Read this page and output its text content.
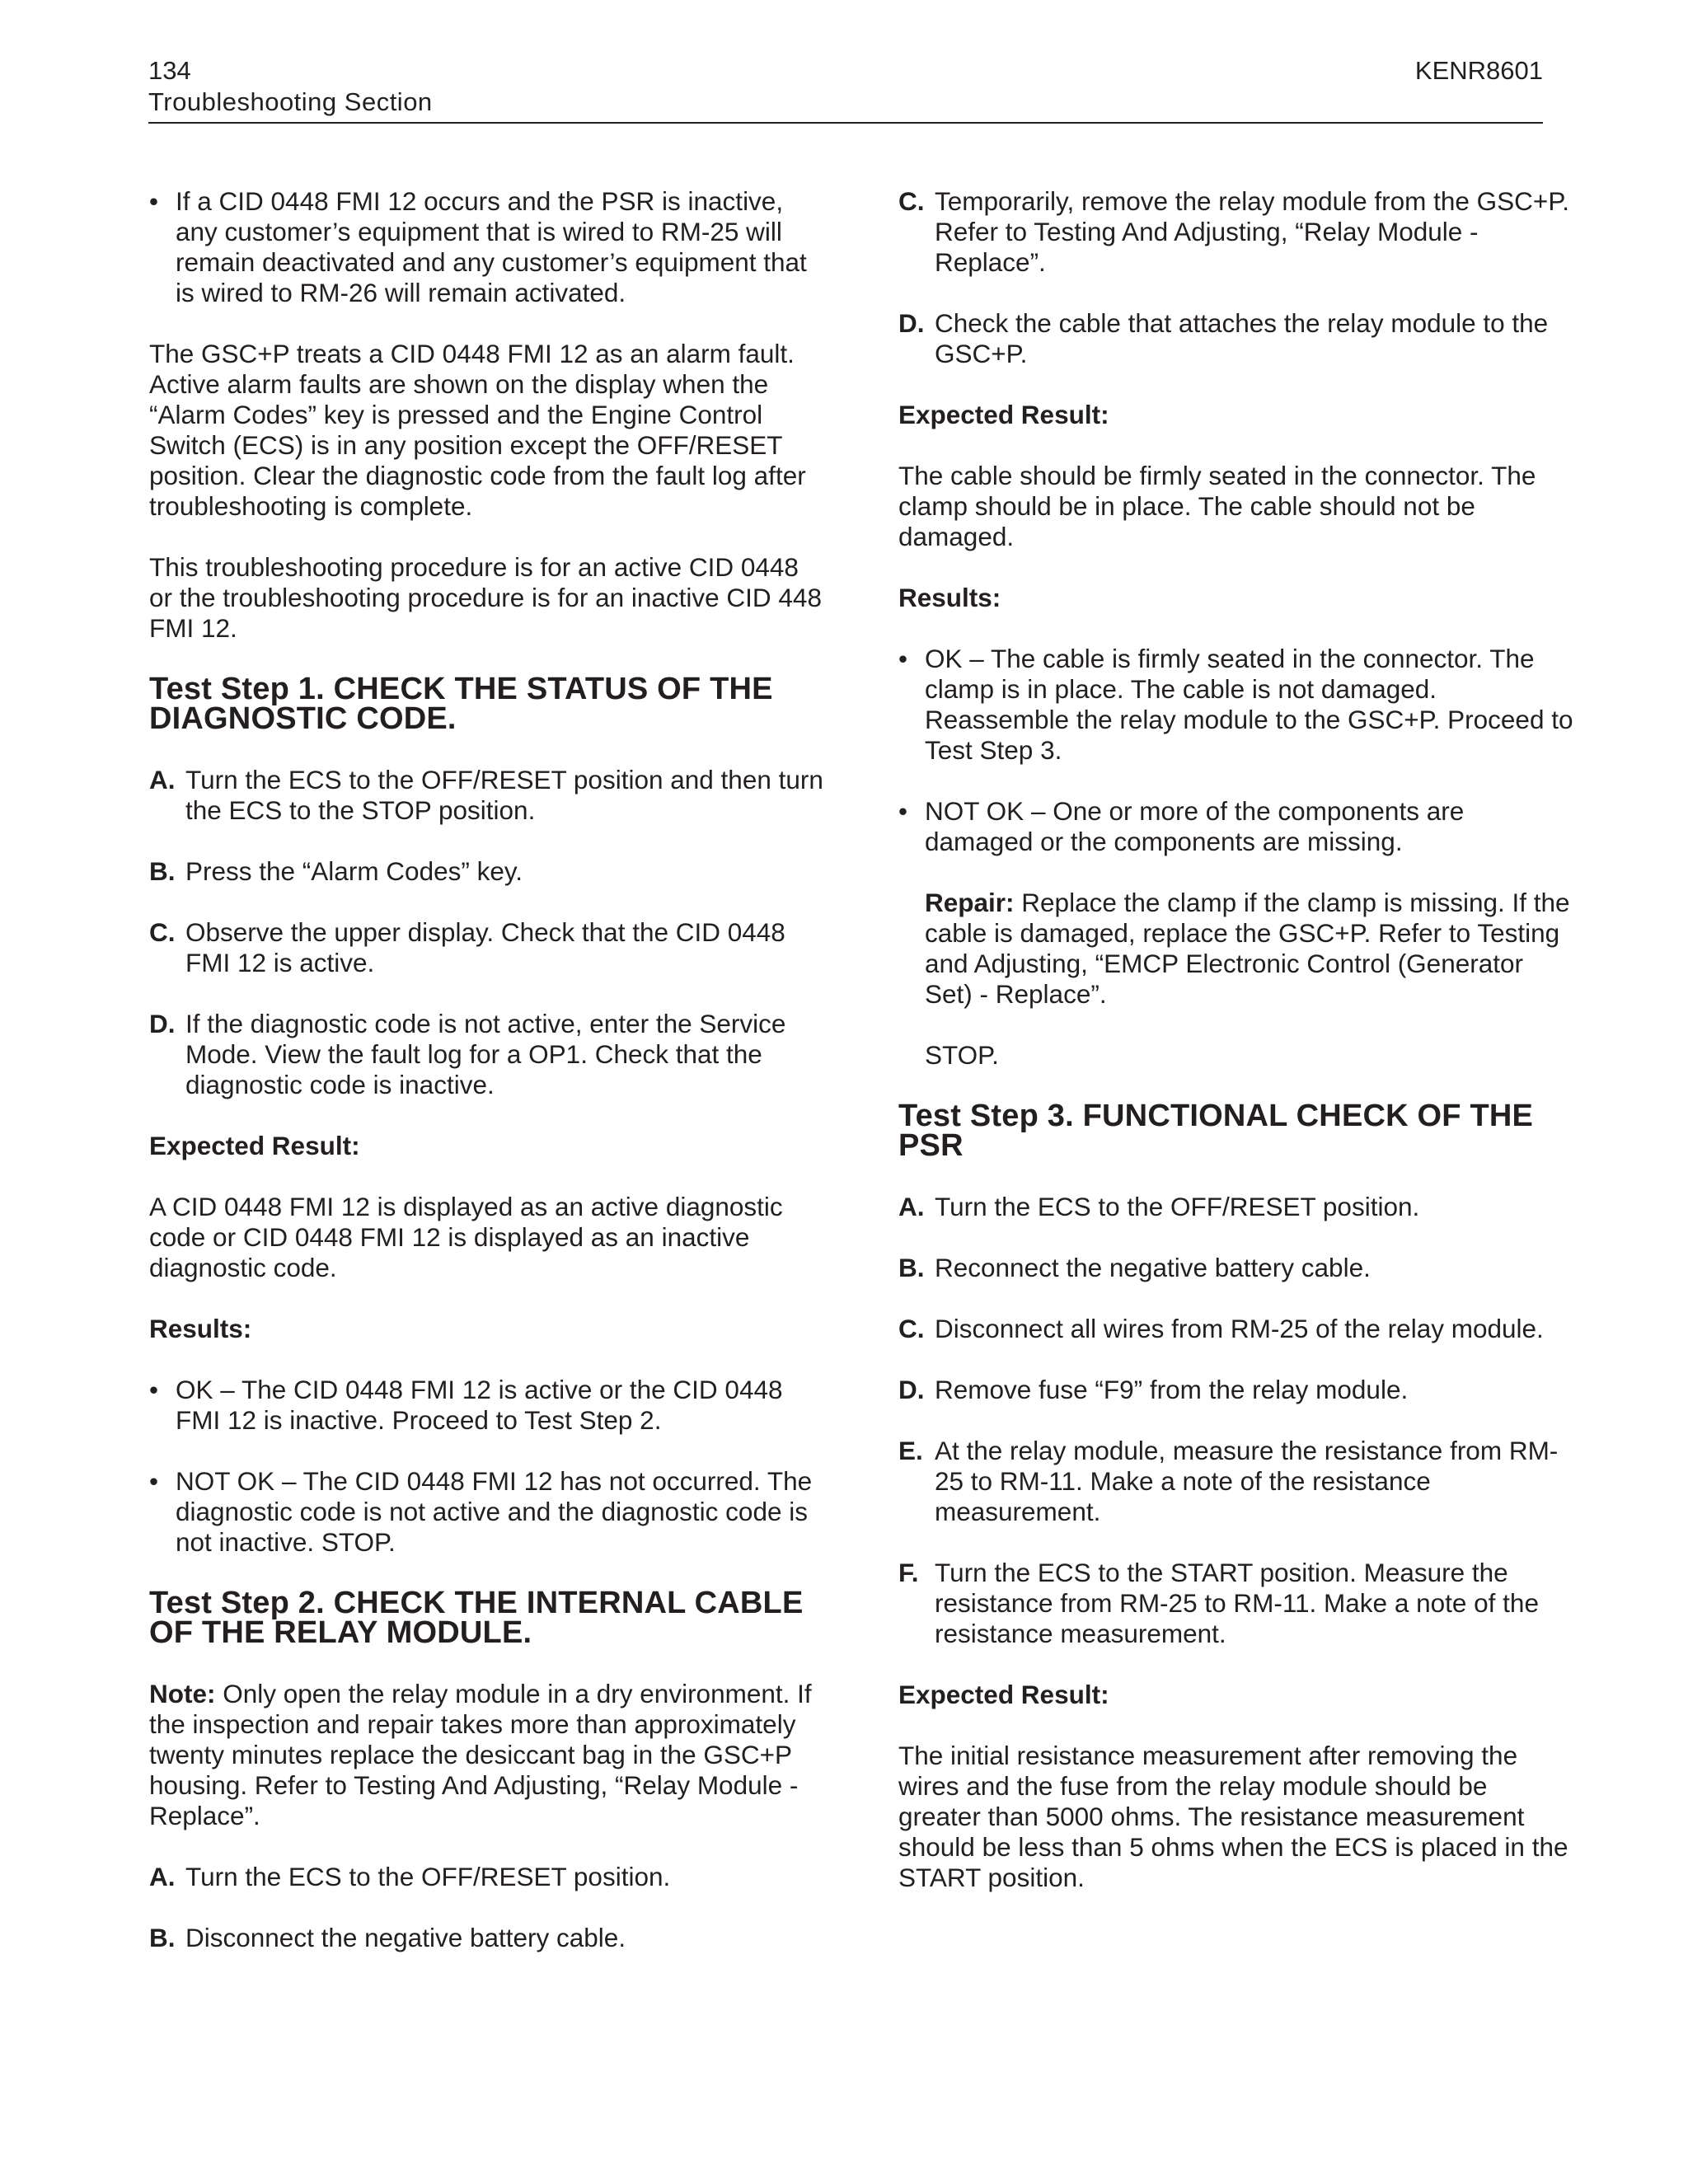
134
Troubleshooting Section
KENR8601
• If a CID 0448 FMI 12 occurs and the PSR is inactive, any customer’s equipment that is wired to RM-25 will remain deactivated and any customer’s equipment that is wired to RM-26 will remain activated.

The GSC+P treats a CID 0448 FMI 12 as an alarm fault. Active alarm faults are shown on the display when the “Alarm Codes” key is pressed and the Engine Control Switch (ECS) is in any position except the OFF/RESET position. Clear the diagnostic code from the fault log after troubleshooting is complete.

This troubleshooting procedure is for an active CID 0448 or the troubleshooting procedure is for an inactive CID 448 FMI 12.

Test Step 1. CHECK THE STATUS OF THE DIAGNOSTIC CODE.
A. Turn the ECS to the OFF/RESET position and then turn the ECS to the STOP position.
B. Press the “Alarm Codes” key.
C. Observe the upper display. Check that the CID 0448 FMI 12 is active.
D. If the diagnostic code is not active, enter the Service Mode. View the fault log for a OP1. Check that the diagnostic code is inactive.
Expected Result:

A CID 0448 FMI 12 is displayed as an active diagnostic code or CID 0448 FMI 12 is displayed as an inactive diagnostic code.

Results:
• OK – The CID 0448 FMI 12 is active or the CID 0448 FMI 12 is inactive. Proceed to Test Step 2.
• NOT OK – The CID 0448 FMI 12 has not occurred. The diagnostic code is not active and the diagnostic code is not inactive. STOP.
Test Step 2. CHECK THE INTERNAL CABLE OF THE RELAY MODULE.

Note: Only open the relay module in a dry environment. If the inspection and repair takes more than approximately twenty minutes replace the desiccant bag in the GSC+P housing. Refer to Testing And Adjusting, “Relay Module - Replace”.

A. Turn the ECS to the OFF/RESET position.
B. Disconnect the negative battery cable.
C. Temporarily, remove the relay module from the GSC+P. Refer to Testing And Adjusting, “Relay Module - Replace”.
D. Check the cable that attaches the relay module to the GSC+P.
Expected Result:

The cable should be firmly seated in the connector. The clamp should be in place. The cable should not be damaged.

Results:
• OK – The cable is firmly seated in the connector. The clamp is in place. The cable is not damaged. Reassemble the relay module to the GSC+P. Proceed to Test Step 3.
• NOT OK – One or more of the components are damaged or the components are missing.
Repair: Replace the clamp if the clamp is missing. If the cable is damaged, replace the GSC+P. Refer to Testing and Adjusting, “EMCP Electronic Control (Generator Set) - Replace”.
STOP.
Test Step 3. FUNCTIONAL CHECK OF THE PSR
A. Turn the ECS to the OFF/RESET position.
B. Reconnect the negative battery cable.
C. Disconnect all wires from RM-25 of the relay module.
D. Remove fuse “F9” from the relay module.
E. At the relay module, measure the resistance from RM-25 to RM-11. Make a note of the resistance measurement.
F. Turn the ECS to the START position. Measure the resistance from RM-25 to RM-11. Make a note of the resistance measurement.
Expected Result:

The initial resistance measurement after removing the wires and the fuse from the relay module should be greater than 5000 ohms. The resistance measurement should be less than 5 ohms when the ECS is placed in the START position.
